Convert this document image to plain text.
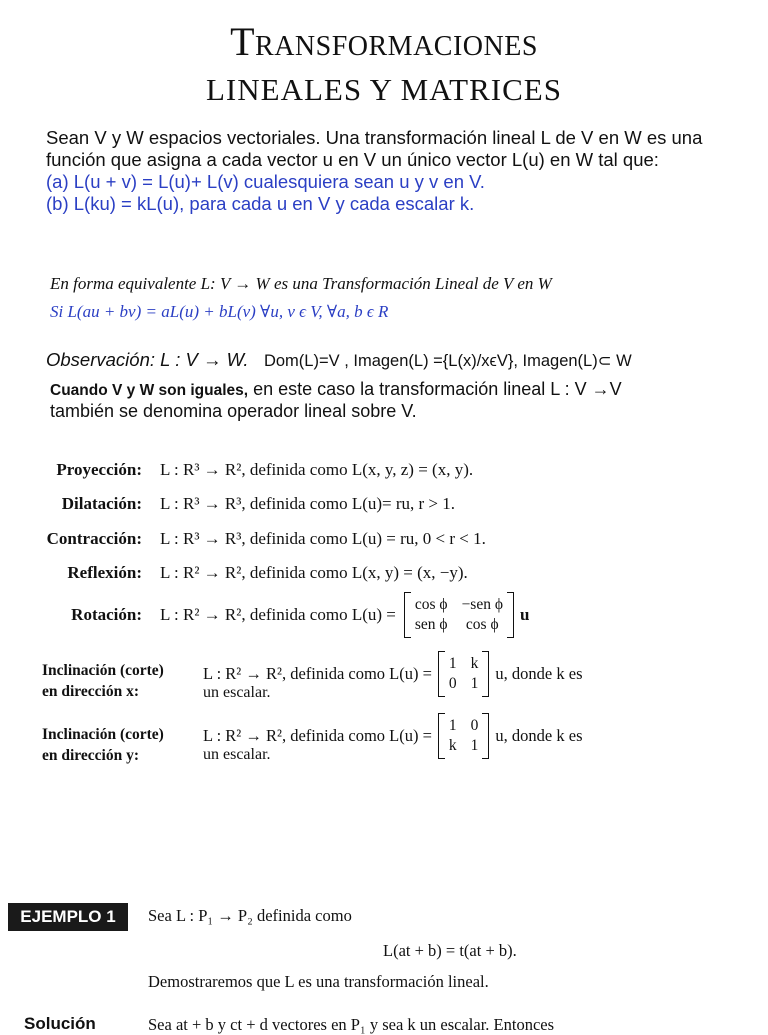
Transformaciones
LINEALES Y MATRICES
Sean V y W espacios vectoriales. Una transformación lineal L de V en W es una función que asigna a cada vector u en V un único vector L(u) en W tal que:
(a) L(u + v) = L(u)+ L(v) cualesquiera sean u y v en V.
(b) L(ku) = kL(u), para cada u en V y cada escalar k.
En forma equivalente L: V → W es una Transformación Lineal de V en W
Si L(au + bv) = aL(u) + bL(v) ∀u, v ϵ V, ∀a, b ϵ R
Observación: L : V → W. Dom(L)=V , Imagen(L) ={L(x)/xϵV}, Imagen(L)⊂ W
Cuando V y W son iguales, en este caso la transformación lineal L : V →V
también se denomina operador lineal sobre V.
Proyección: L : R³ → R², definida como L(x, y, z) = (x, y).
Dilatación: L : R³ → R³, definida como L(u)= ru, r > 1.
Contracción: L : R³ → R³, definida como L(u) = ru, 0 < r < 1.
Reflexión: L : R² → R², definida como L(x, y) = (x, −y).
Rotación: L : R² → R², definida como L(u) =
cos ϕ −sen ϕ
sen ϕ cos ϕ
u
Inclinación (corte)
en dirección x:
L : R² → R², definida como L(u) =
1 k
0 1
u, donde k es
un escalar.
Inclinación (corte)
en dirección y:
L : R² → R², definida como L(u) =
1 0
k 1
u, donde k es
un escalar.
EJEMPLO 1	Sea L : P₁ → P₂ definida como
L(at + b) = t(at + b).
Demostraremos que L es una transformación lineal.
Solución	Sea at + b y ct + d vectores en P₁ y sea k un escalar. Entonces
